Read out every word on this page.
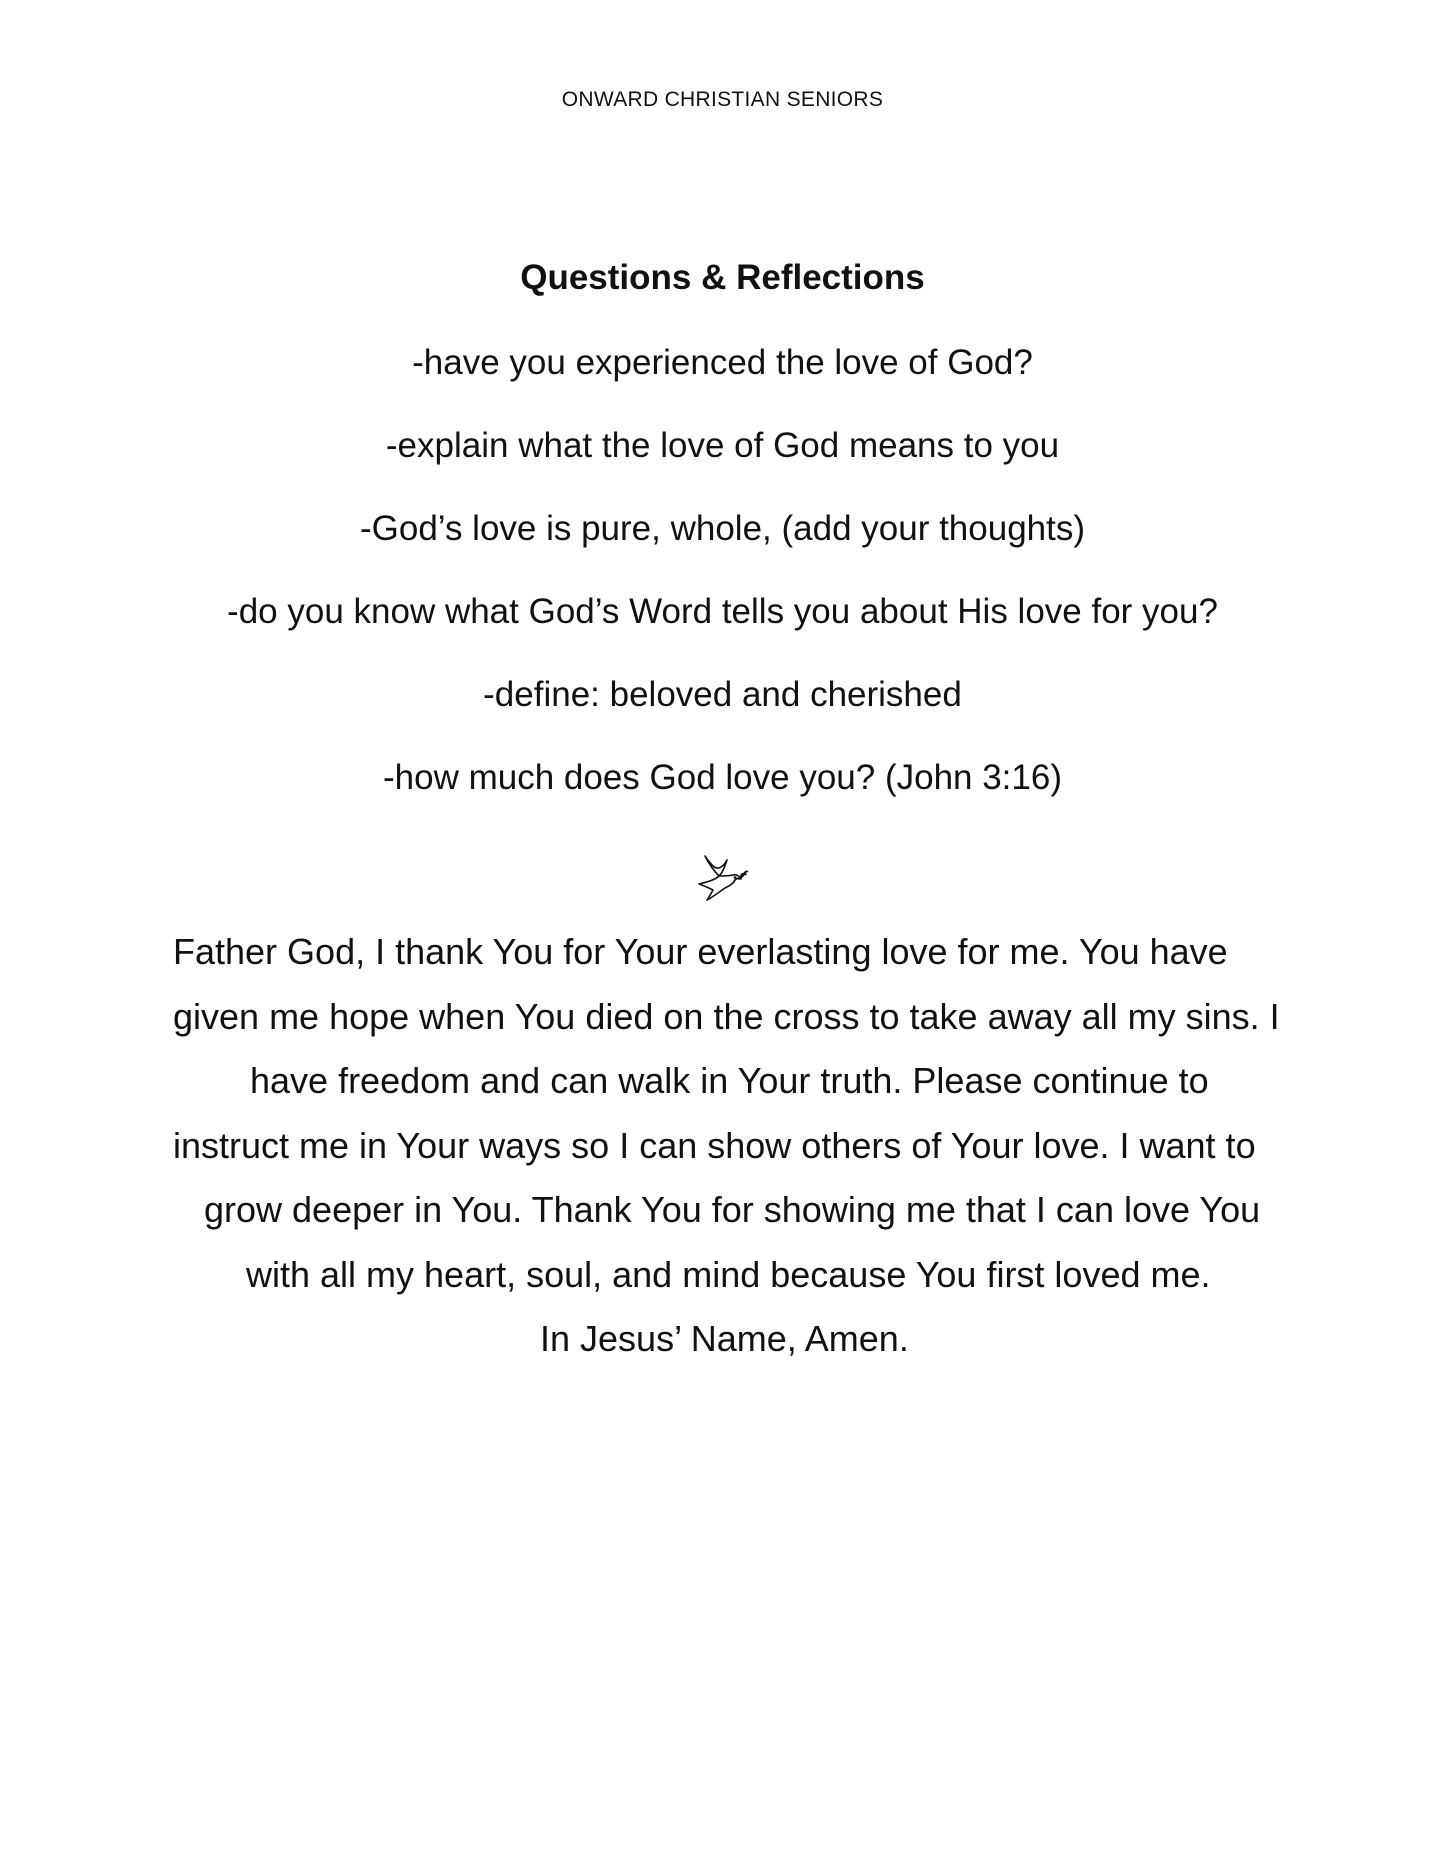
ONWARD CHRISTIAN SENIORS
Questions & Reflections
-have you experienced the love of God?
-explain what the love of God means to you
-God’s love is pure, whole, (add your thoughts)
-do you know what God’s Word tells you about His love for you?
-define: beloved and cherished
-how much does God love you? (John 3:16)
Father God, I thank You for Your everlasting love for me. You have
given me hope when You died on the cross to take away all my sins. I
have freedom and can walk in Your truth. Please continue to
instruct me in Your ways so I can show others of Your love. I want to
grow deeper in You. Thank You for showing me that I can love You
with all my heart, soul, and mind because You first loved me.
In Jesus’ Name, Amen.
